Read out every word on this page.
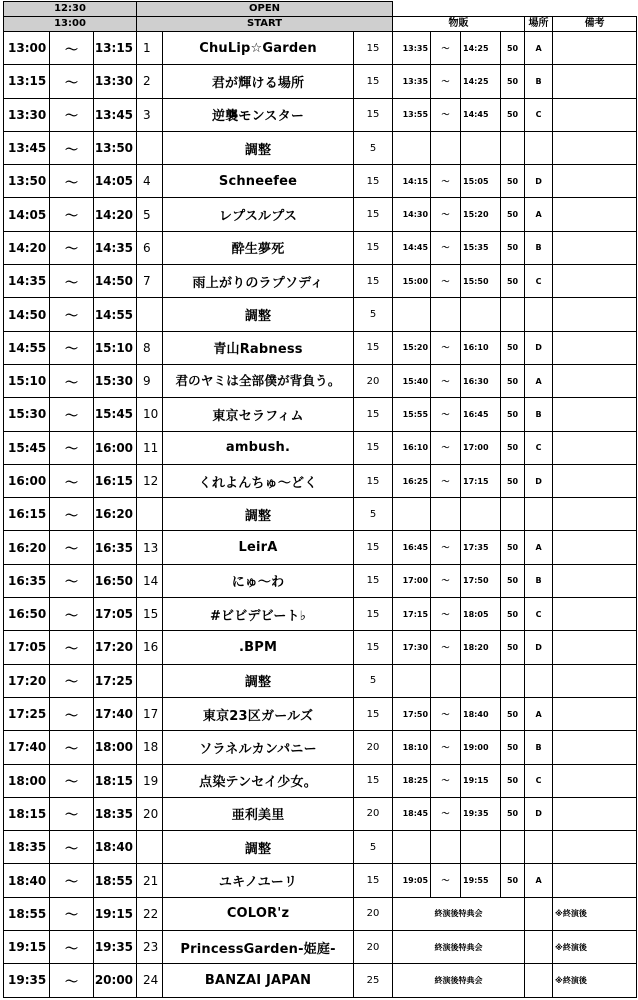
12:30			OPEN								
13:00			START			物販				場所	備考
13:00	～	13:15	1	ChuLip☆Garden	15	13:35	～	14:25	50	A	
13:15	～	13:30	2	君が輝ける場所	15	13:35	～	14:25	50	B	
13:30	～	13:45	3	逆襲モンスター	15	13:55	～	14:45	50	C	
13:45	～	13:50		調整	5						
13:50	～	14:05	4	Schneefee	15	14:15	～	15:05	50	D	
14:05	～	14:20	5	レプスルプス	15	14:30	～	15:20	50	A	
14:20	～	14:35	6	酔生夢死	15	14:45	～	15:35	50	B	
14:35	～	14:50	7	雨上がりのラプソディ	15	15:00	～	15:50	50	C	
14:50	～	14:55		調整	5						
14:55	～	15:10	8	青山Rabness	15	15:20	～	16:10	50	D	
15:10	～	15:30	9	君のヤミは全部僕が背負う。	20	15:40	～	16:30	50	A	
15:30	～	15:45	10	東京セラフィム	15	15:55	～	16:45	50	B	
15:45	～	16:00	11	ambush.	15	16:10	～	17:00	50	C	
16:00	～	16:15	12	くれよんちゅ～どく	15	16:25	～	17:15	50	D	
16:15	～	16:20		調整	5						
16:20	～	16:35	13	LeirA	15	16:45	～	17:35	50	A	
16:35	～	16:50	14	にゅ～わ	15	17:00	～	17:50	50	B	
16:50	～	17:05	15	#ビビデビート♭	15	17:15	～	18:05	50	C	
17:05	～	17:20	16	.BPM	15	17:30	～	18:20	50	D	
17:20	～	17:25		調整	5						
17:25	～	17:40	17	東京23区ガールズ	15	17:50	～	18:40	50	A	
17:40	～	18:00	18	ソラネルカンパニー	20	18:10	～	19:00	50	B	
18:00	～	18:15	19	点染テンセイ少女。	15	18:25	～	19:15	50	C	
18:15	～	18:35	20	亜利美里	20	18:45	～	19:35	50	D	
18:35	～	18:40		調整	5						
18:40	～	18:55	21	ユキノユーリ	15	19:05	～	19:55	50	A	
18:55	～	19:15	22	COLOR'z	20	終演後特典会					※終演後
19:15	～	19:35	23	PrincessGarden-姫庭-	20	終演後特典会					※終演後
19:35	～	20:00	24	BANZAI JAPAN	25	終演後特典会					※終演後
